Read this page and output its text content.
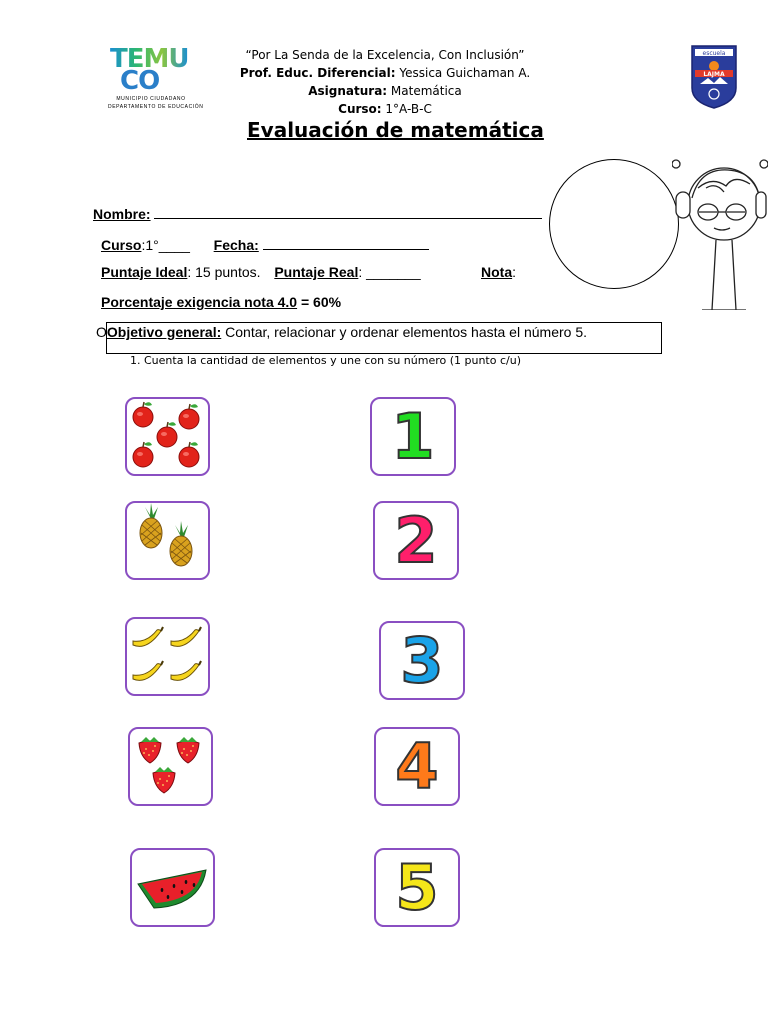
TEMU
CO
MUNICIPIO CIUDADANO
DEPARTAMENTO DE EDUCACIÓN
“Por La Senda de la Excelencia, Con Inclusión”
Prof. Educ. Diferencial: Yessica Guichaman A.
Asignatura: Matemática
Curso: 1°A-B-C
escuela
LAJMA
Evaluación de matemática
Nombre:
Curso:1°____ Fecha:
Puntaje Ideal: 15 puntos. Puntaje Real: _______	Nota:
Porcentaje exigencia nota 4.0 = 60%
OObjetivo general: Contar, relacionar y ordenar elementos hasta el número 5.
1. Cuenta la cantidad de elementos y une con su número (1 punto c/u)
1
2
3
4
5
